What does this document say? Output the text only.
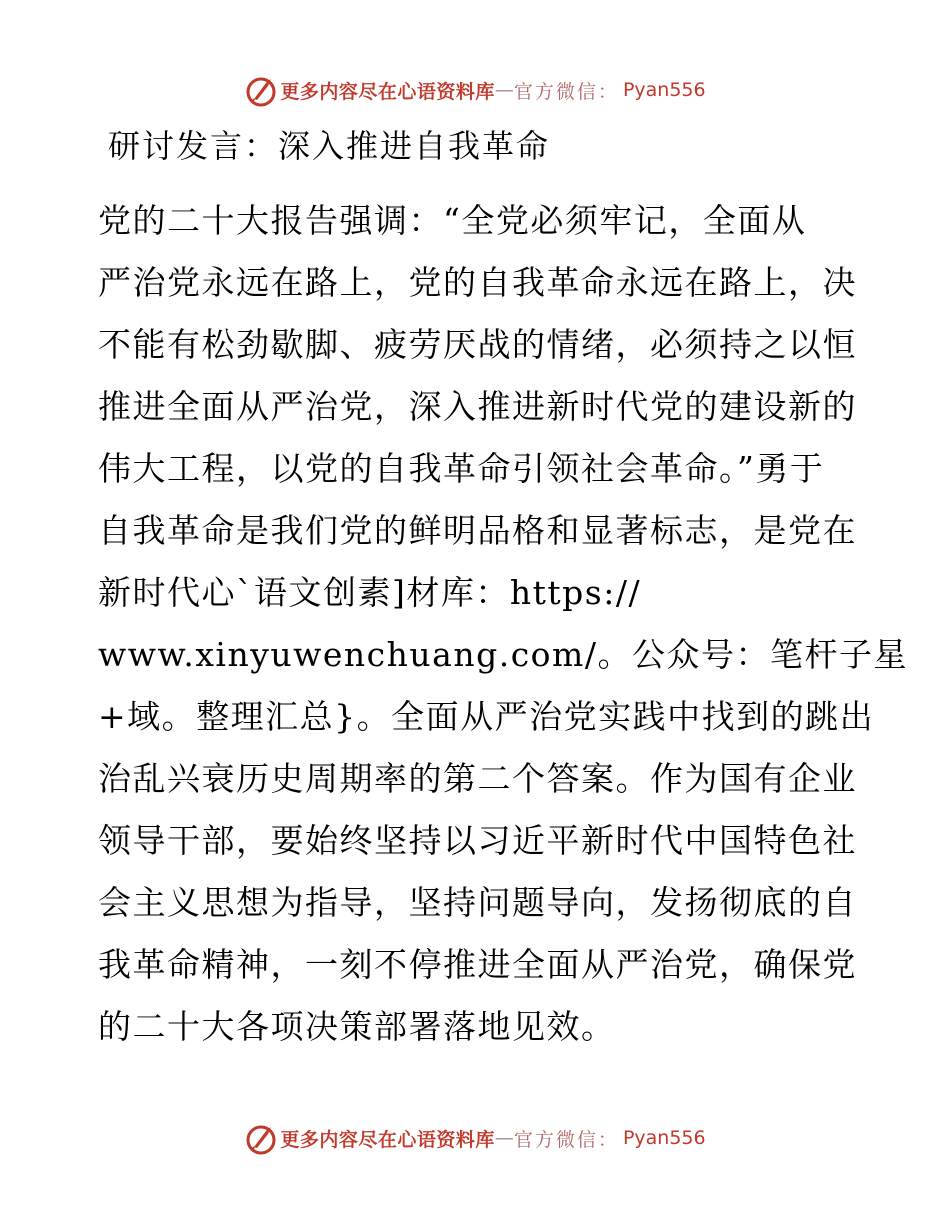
更多内容尽在心语资料库 — 官方微信： Pyan556
研讨发言：深入推进自我革命
党的二十大报告强调：“全党必须牢记，全面从
严治党永远在路上，党的自我革命永远在路上，决
不能有松劲歇脚、疲劳厌战的情绪，必须持之以恒
推进全面从严治党，深入推进新时代党的建设新的
伟大工程，以党的自我革命引领社会革命。”勇于
自我革命是我们党的鲜明品格和显著标志，是党在
新时代心`语文创素]材库：https://
www.xinyuwenchuang.com/。公众号：笔杆子星
+域。整理汇总}。全面从严治党实践中找到的跳出
治乱兴衰历史周期率的第二个答案。作为国有企业
领导干部，要始终坚持以习近平新时代中国特色社
会主义思想为指导，坚持问题导向，发扬彻底的自
我革命精神，一刻不停推进全面从严治党，确保党
的二十大各项决策部署落地见效。
更多内容尽在心语资料库 — 官方微信： Pyan556
